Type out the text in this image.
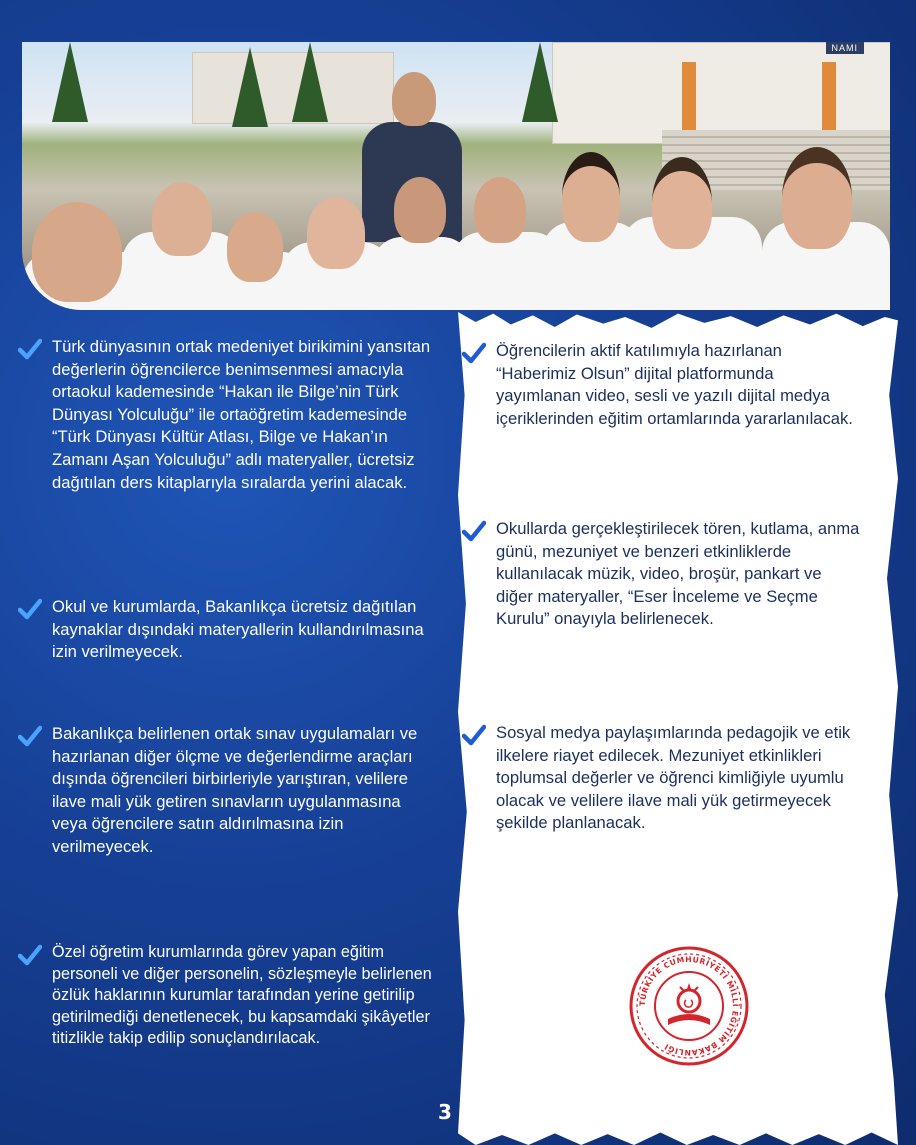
NAMI
Türk dünyasının ortak medeniyet birikimini yansıtan değerlerin öğrencilerce benimsenmesi amacıyla ortaokul kademesinde “Hakan ile Bilge’nin Türk Dünyası Yolculuğu” ile ortaöğretim kademesinde “Türk Dünyası Kültür Atlası, Bilge ve Hakan’ın Zamanı Aşan Yolculuğu” adlı materyaller, ücretsiz dağıtılan ders kitaplarıyla sıralarda yerini alacak.
Okul ve kurumlarda, Bakanlıkça ücretsiz dağıtılan kaynaklar dışındaki materyallerin kullandırılmasına izin verilmeyecek.
Bakanlıkça belirlenen ortak sınav uygulamaları ve hazırlanan diğer ölçme ve değerlendirme araçları dışında öğrencileri birbirleriyle yarıştıran, velilere ilave mali yük getiren sınavların uygulanmasına veya öğrencilere satın aldırılmasına izin verilmeyecek.
Özel öğretim kurumlarında görev yapan eğitim personeli ve diğer personelin, sözleşmeyle belirlenen özlük haklarının kurumlar tarafından yerine getirilip getirilmediği denetlenecek, bu kapsamdaki şikâyetler titizlikle takip edilip sonuçlandırılacak.
Öğrencilerin aktif katılımıyla hazırlanan “Haberimiz Olsun” dijital platformunda yayımlanan video, sesli ve yazılı dijital medya içeriklerinden eğitim ortamlarında yararlanılacak.
Okullarda gerçekleştirilecek tören, kutlama, anma günü, mezuniyet ve benzeri etkinliklerde kullanılacak müzik, video, broşür, pankart ve diğer materyaller, “Eser İnceleme ve Seçme Kurulu” onayıyla belirlenecek.
Sosyal medya paylaşımlarında pedagojik ve etik ilkelere riayet edilecek. Mezuniyet etkinlikleri toplumsal değerler ve öğrenci kimliğiyle uyumlu olacak ve velilere ilave mali yük getirmeyecek şekilde planlanacak.
TÜRKİYE CUMHURİYETİ MİLLÎ EĞİTİM BAKANLIĞI
3
